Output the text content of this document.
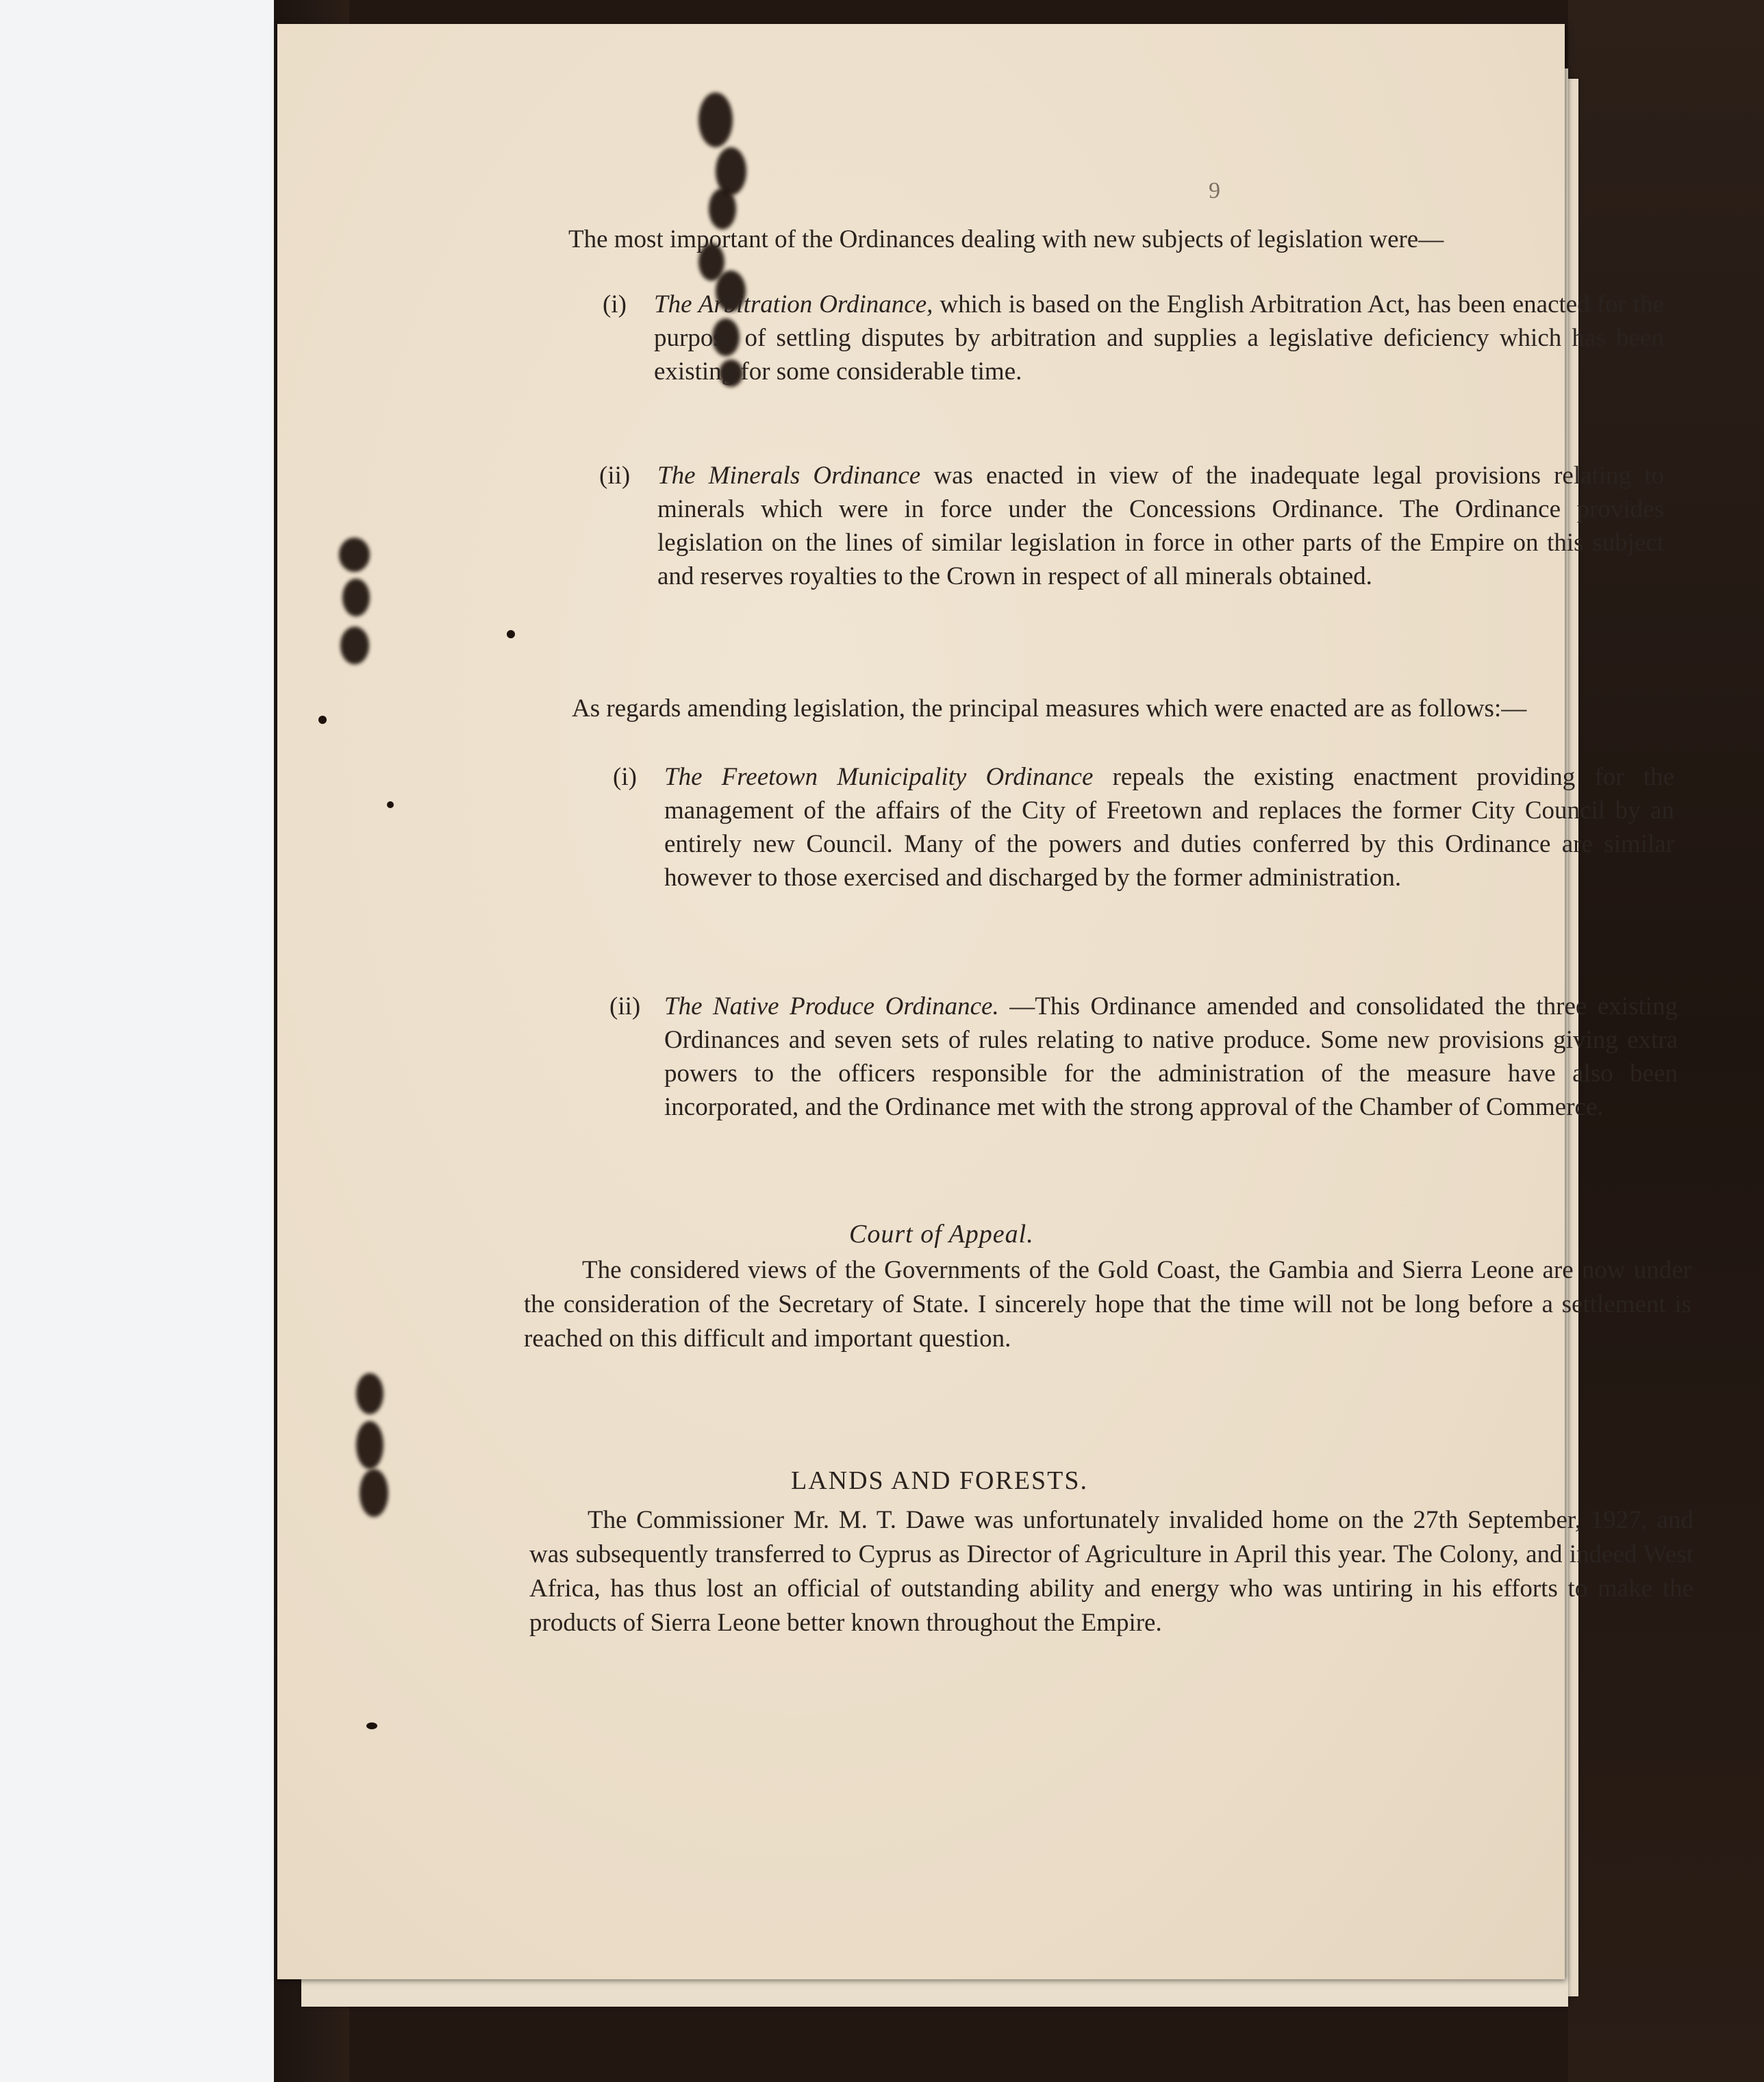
9
The most important of the Ordinances dealing with new subjects of legislation were—
(i) The Arbitration Ordinance, which is based on the English Arbitration Act, has been enacted for the purpose of settling disputes by arbitration and supplies a legislative deficiency which has been existing for some considerable time.
(ii) The Minerals Ordinance was enacted in view of the inadequate legal provisions relating to minerals which were in force under the Concessions Ordinance. The Ordinance provides legislation on the lines of similar legislation in force in other parts of the Empire on this subject and reserves royalties to the Crown in respect of all minerals obtained.
As regards amending legislation, the principal measures which were enacted are as follows:—
(i) The Freetown Municipality Ordinance repeals the existing enactment providing for the management of the affairs of the City of Freetown and replaces the former City Council by an entirely new Council. Many of the powers and duties conferred by this Ordinance are similar however to those exercised and discharged by the former administration.
(ii) The Native Produce Ordinance. —This Ordinance amended and consolidated the three existing Ordinances and seven sets of rules relating to native produce. Some new provisions giving extra powers to the officers responsible for the administration of the measure have also been incorporated, and the Ordinance met with the strong approval of the Chamber of Commerce.
Court of Appeal.
The considered views of the Governments of the Gold Coast, the Gambia and Sierra Leone are now under the consideration of the Secretary of State. I sincerely hope that the time will not be long before a settlement is reached on this difficult and important question.
LANDS AND FORESTS.
The Commissioner Mr. M. T. Dawe was unfortunately invalided home on the 27th September, 1927, and was subsequently transferred to Cyprus as Director of Agriculture in April this year. The Colony, and indeed West Africa, has thus lost an official of outstanding ability and energy who was untiring in his efforts to make the products of Sierra Leone better known throughout the Empire.
